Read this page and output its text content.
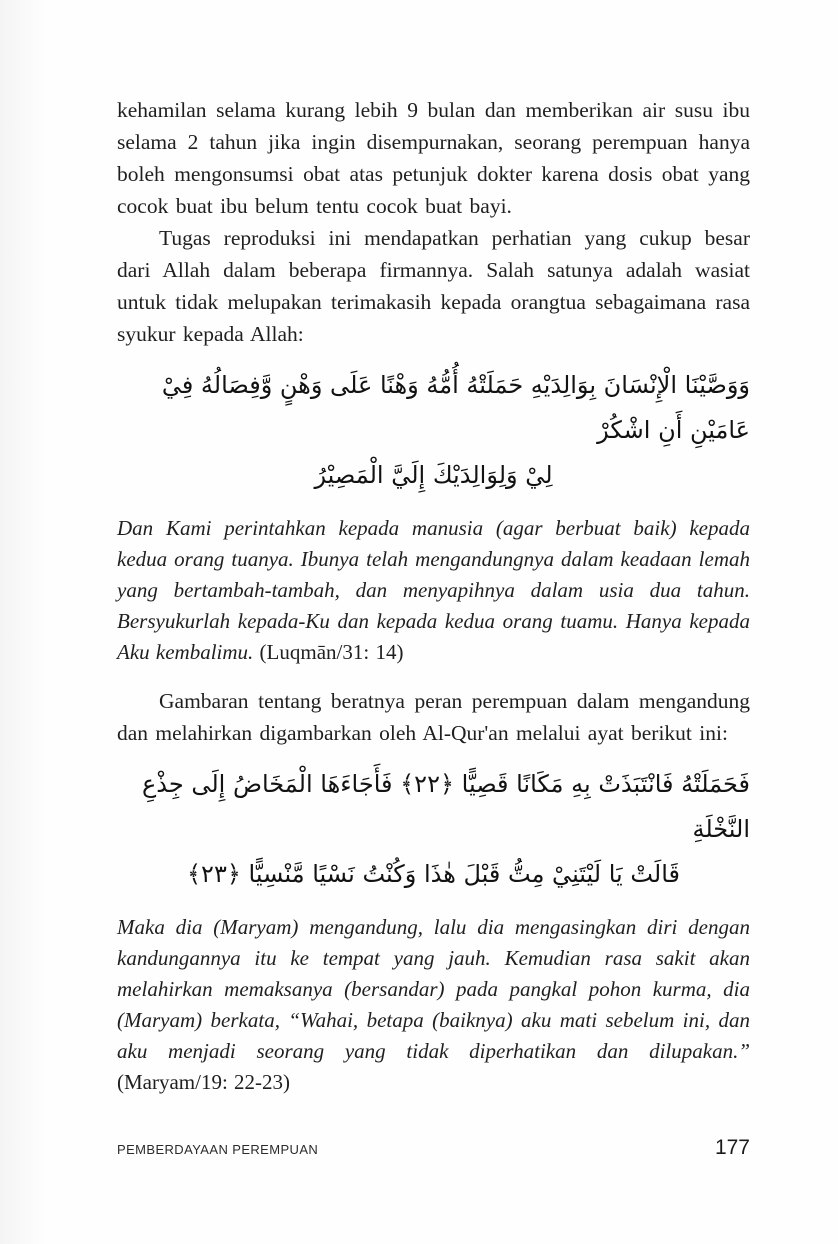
kehamilan selama kurang lebih 9 bulan dan memberikan air susu ibu selama 2 tahun jika ingin disempurnakan, seorang perempuan hanya boleh mengonsumsi obat atas petunjuk dokter karena dosis obat yang cocok buat ibu belum tentu cocok buat bayi.

Tugas reproduksi ini mendapatkan perhatian yang cukup besar dari Allah dalam beberapa firmannya. Salah satunya adalah wasiat untuk tidak melupakan terimakasih kepada orangtua sebagaimana rasa syukur kepada Allah:

وَوَصَّيْنَا الْإِنْسَانَ بِوَالِدَيْهِ حَمَلَتْهُ أُمُّهُ وَهْنًا عَلَى وَهْنٍ وَّفِصَالُهُ فِيْ عَامَيْنِ أَنِ اشْكُرْ
لِيْ وَلِوَالِدَيْكَ إِلَيَّ الْمَصِيْرُ

Dan Kami perintahkan kepada manusia (agar berbuat baik) kepada kedua orang tuanya. Ibunya telah mengandungnya dalam keadaan lemah yang bertambah-tambah, dan menyapihnya dalam usia dua tahun. Bersyukurlah kepada-Ku dan kepada kedua orang tuamu. Hanya kepada Aku kembalimu. (Luqmān/31: 14)

Gambaran tentang beratnya peran perempuan dalam mengandung dan melahirkan digambarkan oleh Al-Qur'an melalui ayat berikut ini:

فَحَمَلَتْهُ فَانْتَبَذَتْ بِهِ مَكَانًا قَصِيًّا ﴿٢٢﴾ فَأَجَاءَهَا الْمَخَاضُ إِلَى جِذْعِ النَّخْلَةِ
قَالَتْ يَا لَيْتَنِيْ مِتُّ قَبْلَ هٰذَا وَكُنْتُ نَسْيًا مَّنْسِيًّا ﴿٢٣﴾

Maka dia (Maryam) mengandung, lalu dia mengasingkan diri dengan kandungannya itu ke tempat yang jauh. Kemudian rasa sakit akan melahirkan memaksanya (bersandar) pada pangkal pohon kurma, dia (Maryam) berkata, “Wahai, betapa (baiknya) aku mati sebelum ini, dan aku menjadi seorang yang tidak diperhatikan dan dilupakan.”(Maryam/19: 22-23)

PEMBERDAYAAN PEREMPUAN	177
